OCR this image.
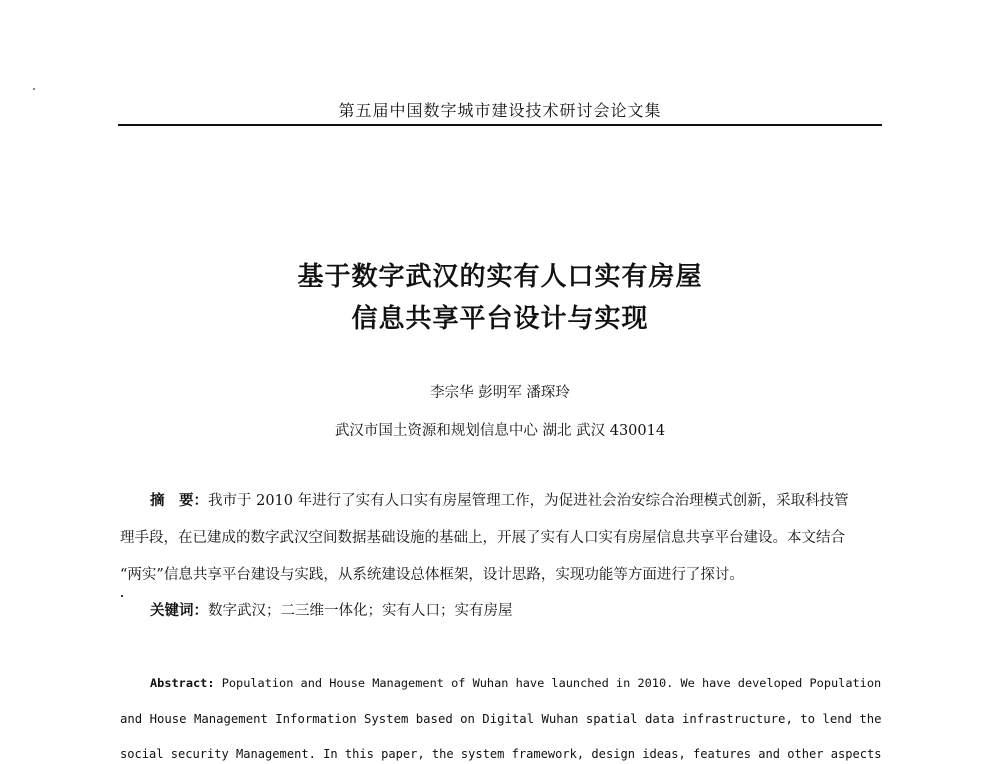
第五届中国数字城市建设技术研讨会论文集
基于数字武汉的实有人口实有房屋
信息共享平台设计与实现
李宗华 彭明军 潘琛玲
武汉市国土资源和规划信息中心 湖北 武汉 430014
摘　要：我市于 2010 年进行了实有人口实有房屋管理工作，为促进社会治安综合治理模式创新，采取科技管
理手段，在已建成的数字武汉空间数据基础设施的基础上，开展了实有人口实有房屋信息共享平台建设。本文结合
“两实”信息共享平台建设与实践，从系统建设总体框架，设计思路，实现功能等方面进行了探讨。
关键词：数字武汉；二三维一体化；实有人口；实有房屋
Abstract: Population and House Management of Wuhan have launched in 2010. We have developed Population
and House Management Information System based on Digital Wuhan spatial data infrastructure, to lend the
social security Management. In this paper, the system framework, design ideas, features and other aspects
